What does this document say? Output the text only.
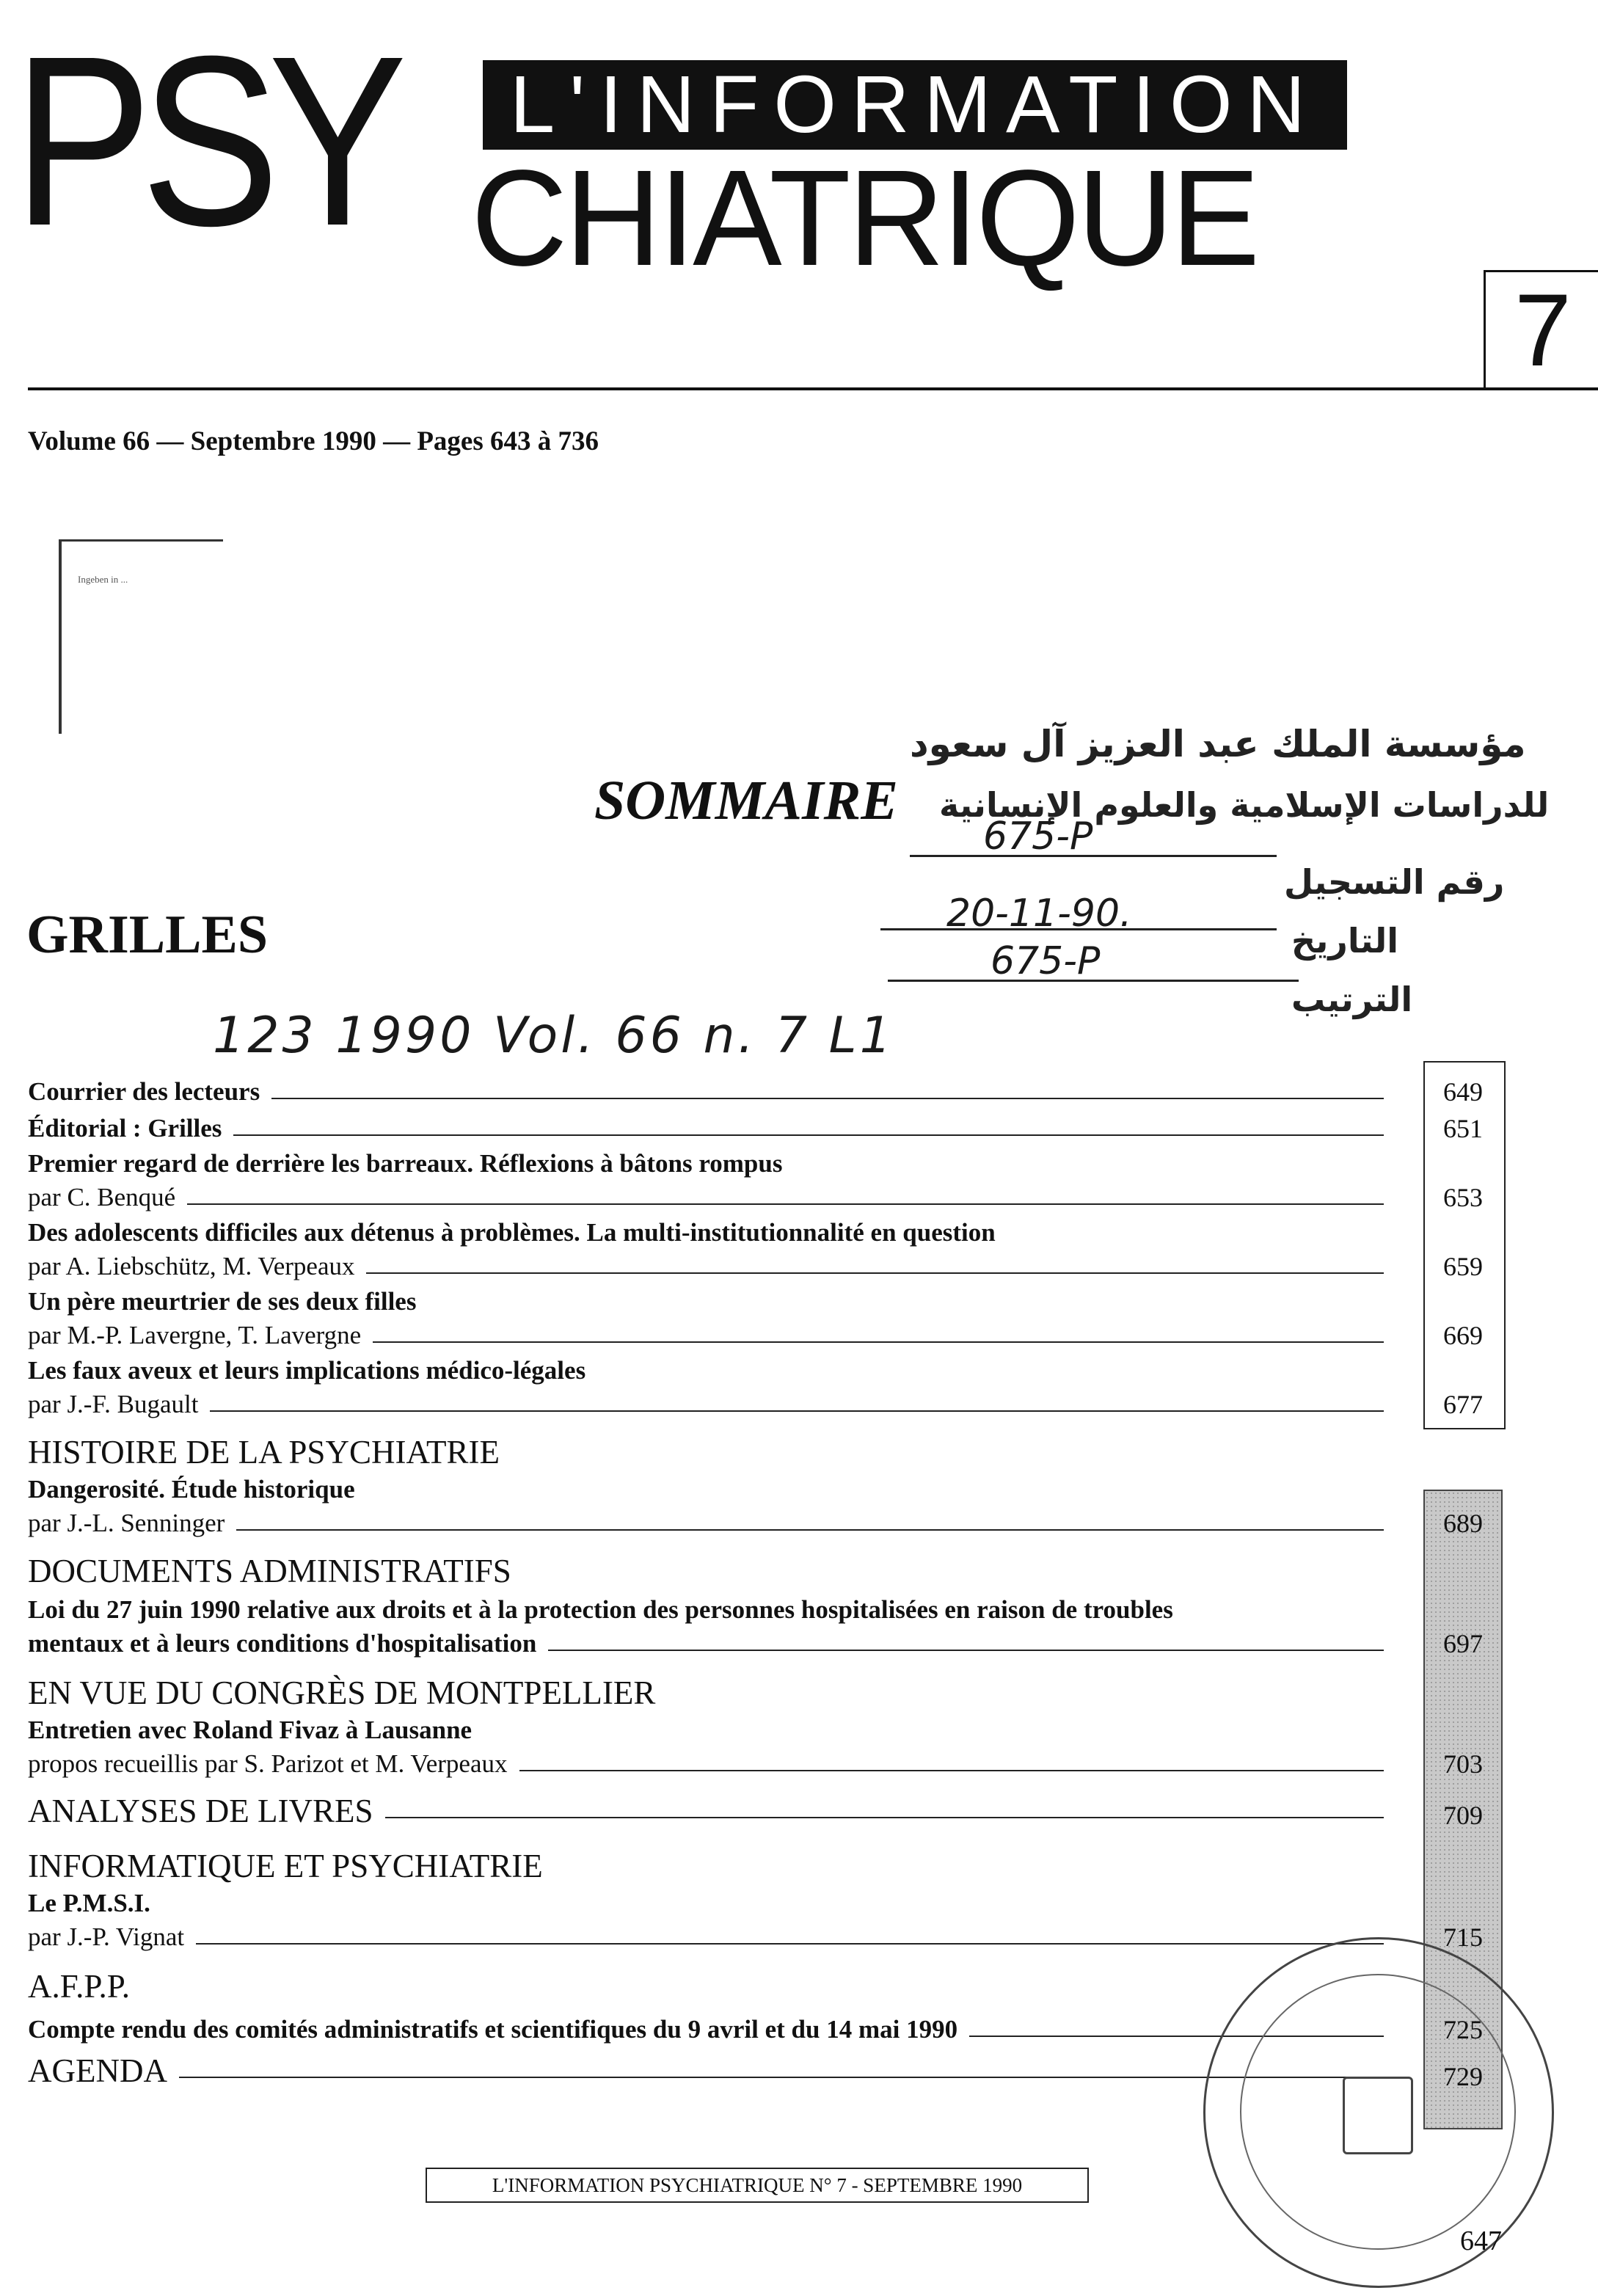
PSY	L'INFORMATION
CHIATRIQUE
7
Volume 66 — Septembre 1990 — Pages 643 à 736
Ingeben in ...
مؤسسة الملك عبد العزيز آل سعود
للدراسات الإسلامية والعلوم الإنسانية
رقم التسجيل
التاريخ
الترتيب
675-P
20-11-90.
675-P
SOMMAIRE
GRILLES
123 1990 Vol. 66 n. 7 L1
Courrier des lecteurs	649
Éditorial : Grilles	651
Premier regard de derrière les barreaux. Réflexions à bâtons rompus
par C. Benqué	653
Des adolescents difficiles aux détenus à problèmes. La multi-institutionnalité en question
par A. Liebschütz, M. Verpeaux	659
Un père meurtrier de ses deux filles
par M.-P. Lavergne, T. Lavergne	669
Les faux aveux et leurs implications médico-légales
par J.-F. Bugault	677
HISTOIRE DE LA PSYCHIATRIE
Dangerosité. Étude historique
par J.-L. Senninger	689
DOCUMENTS ADMINISTRATIFS
Loi du 27 juin 1990 relative aux droits et à la protection des personnes hospitalisées en raison de troubles
mentaux et à leurs conditions d'hospitalisation	697
EN VUE DU CONGRÈS DE MONTPELLIER
Entretien avec Roland Fivaz à Lausanne
propos recueillis par S. Parizot et M. Verpeaux	703
ANALYSES DE LIVRES	709
INFORMATIQUE ET PSYCHIATRIE
Le P.M.S.I.
par J.-P. Vignat	715
A.F.P.P.
Compte rendu des comités administratifs et scientifiques du 9 avril et du 14 mai 1990	725
AGENDA	729
L'INFORMATION PSYCHIATRIQUE N° 7 - SEPTEMBRE 1990
647
